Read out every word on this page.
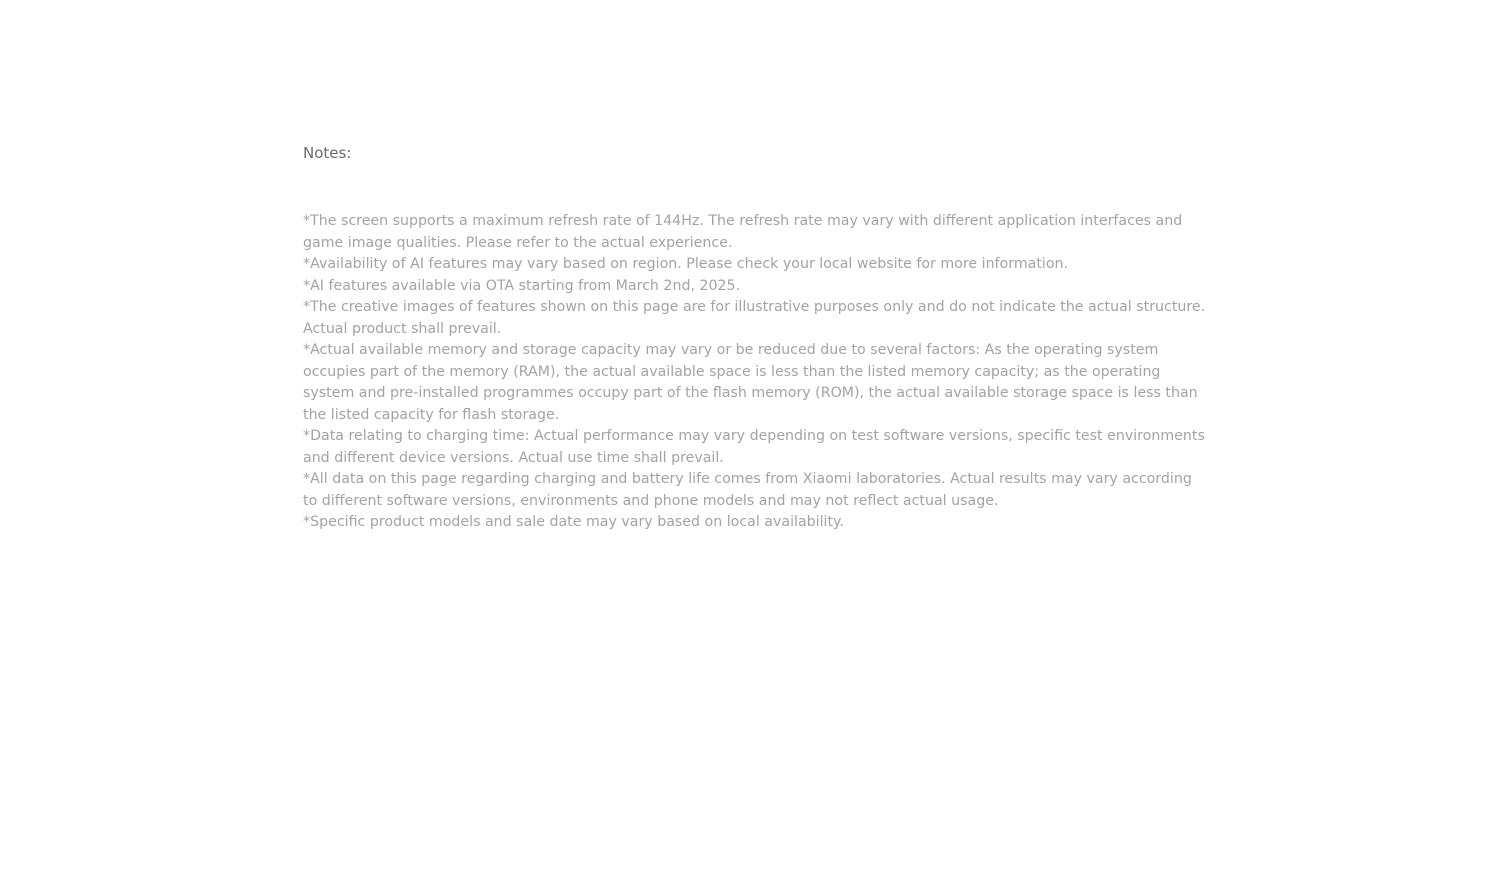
Notes:
*The screen supports a maximum refresh rate of 144Hz. The refresh rate may vary with different application interfaces and game image qualities. Please refer to the actual experience.
*Availability of AI features may vary based on region. Please check your local website for more information.
*AI features available via OTA starting from March 2nd, 2025.
*The creative images of features shown on this page are for illustrative purposes only and do not indicate the actual structure. Actual product shall prevail.
*Actual available memory and storage capacity may vary or be reduced due to several factors: As the operating system occupies part of the memory (RAM), the actual available space is less than the listed memory capacity; as the operating system and pre-installed programmes occupy part of the flash memory (ROM), the actual available storage space is less than the listed capacity for flash storage.
*Data relating to charging time: Actual performance may vary depending on test software versions, specific test environments and different device versions. Actual use time shall prevail.
*All data on this page regarding charging and battery life comes from Xiaomi laboratories. Actual results may vary according to different software versions, environments and phone models and may not reflect actual usage.
*Specific product models and sale date may vary based on local availability.
